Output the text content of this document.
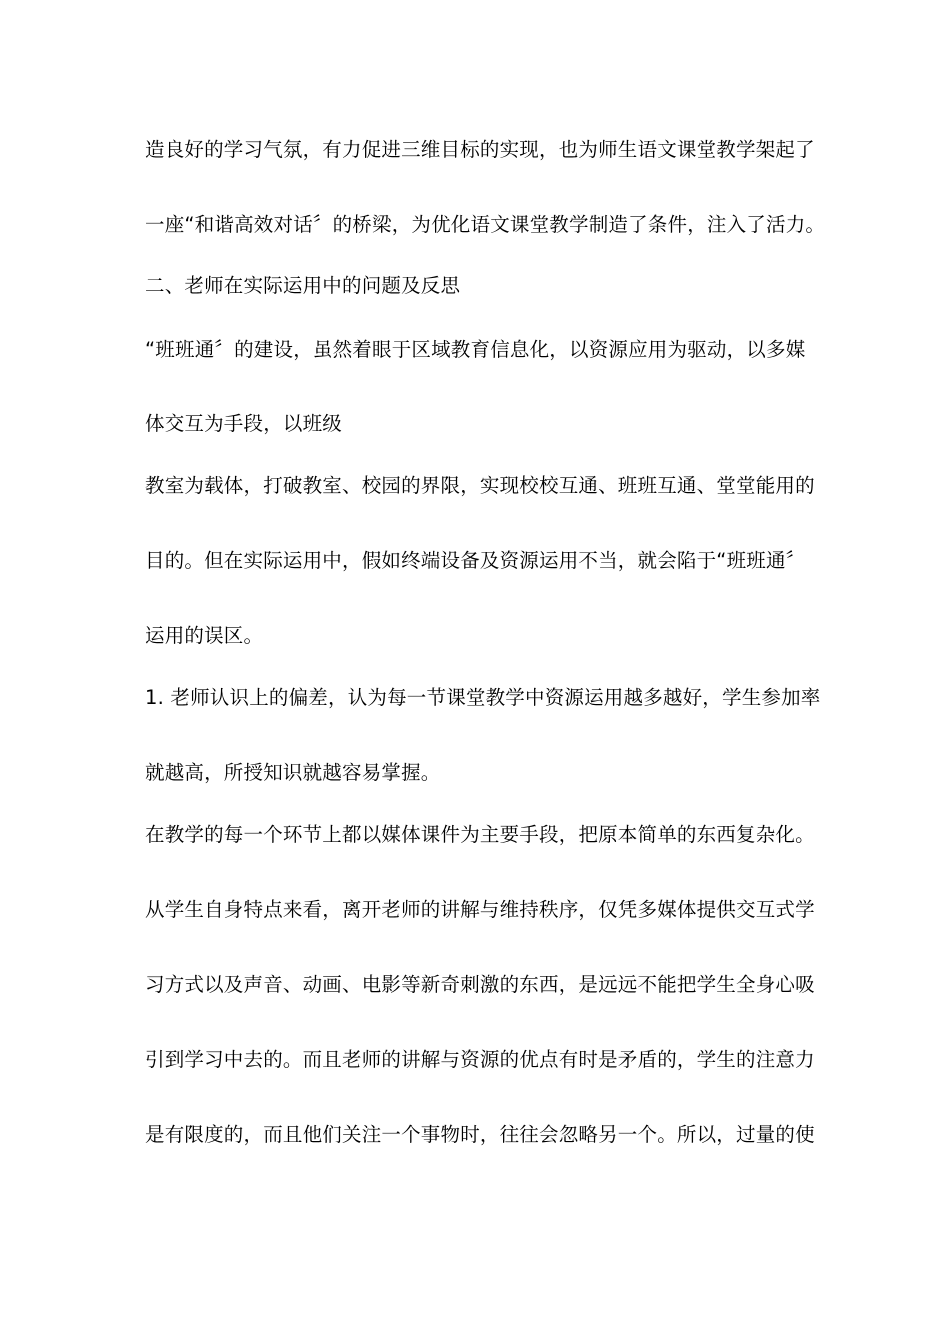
造良好的学习气氛，有力促进三维目标的实现，也为师生语文课堂教学架起了
一座“和谐高效对话〞的桥梁，为优化语文课堂教学制造了条件，注入了活力。
二、老师在实际运用中的问题及反思
“班班通〞的建设，虽然着眼于区域教育信息化，以资源应用为驱动，以多媒
体交互为手段，以班级
教室为载体，打破教室、校园的界限，实现校校互通、班班互通、堂堂能用的
目的。但在实际运用中，假如终端设备及资源运用不当，就会陷于“班班通〞
运用的误区。
1. 老师认识上的偏差，认为每一节课堂教学中资源运用越多越好，学生参加率
就越高，所授知识就越容易掌握。
在教学的每一个环节上都以媒体课件为主要手段，把原本简单的东西复杂化。
从学生自身特点来看，离开老师的讲解与维持秩序，仅凭多媒体提供交互式学
习方式以及声音、动画、电影等新奇刺激的东西，是远远不能把学生全身心吸
引到学习中去的。而且老师的讲解与资源的优点有时是矛盾的，学生的注意力
是有限度的，而且他们关注一个事物时，往往会忽略另一个。所以，过量的使
